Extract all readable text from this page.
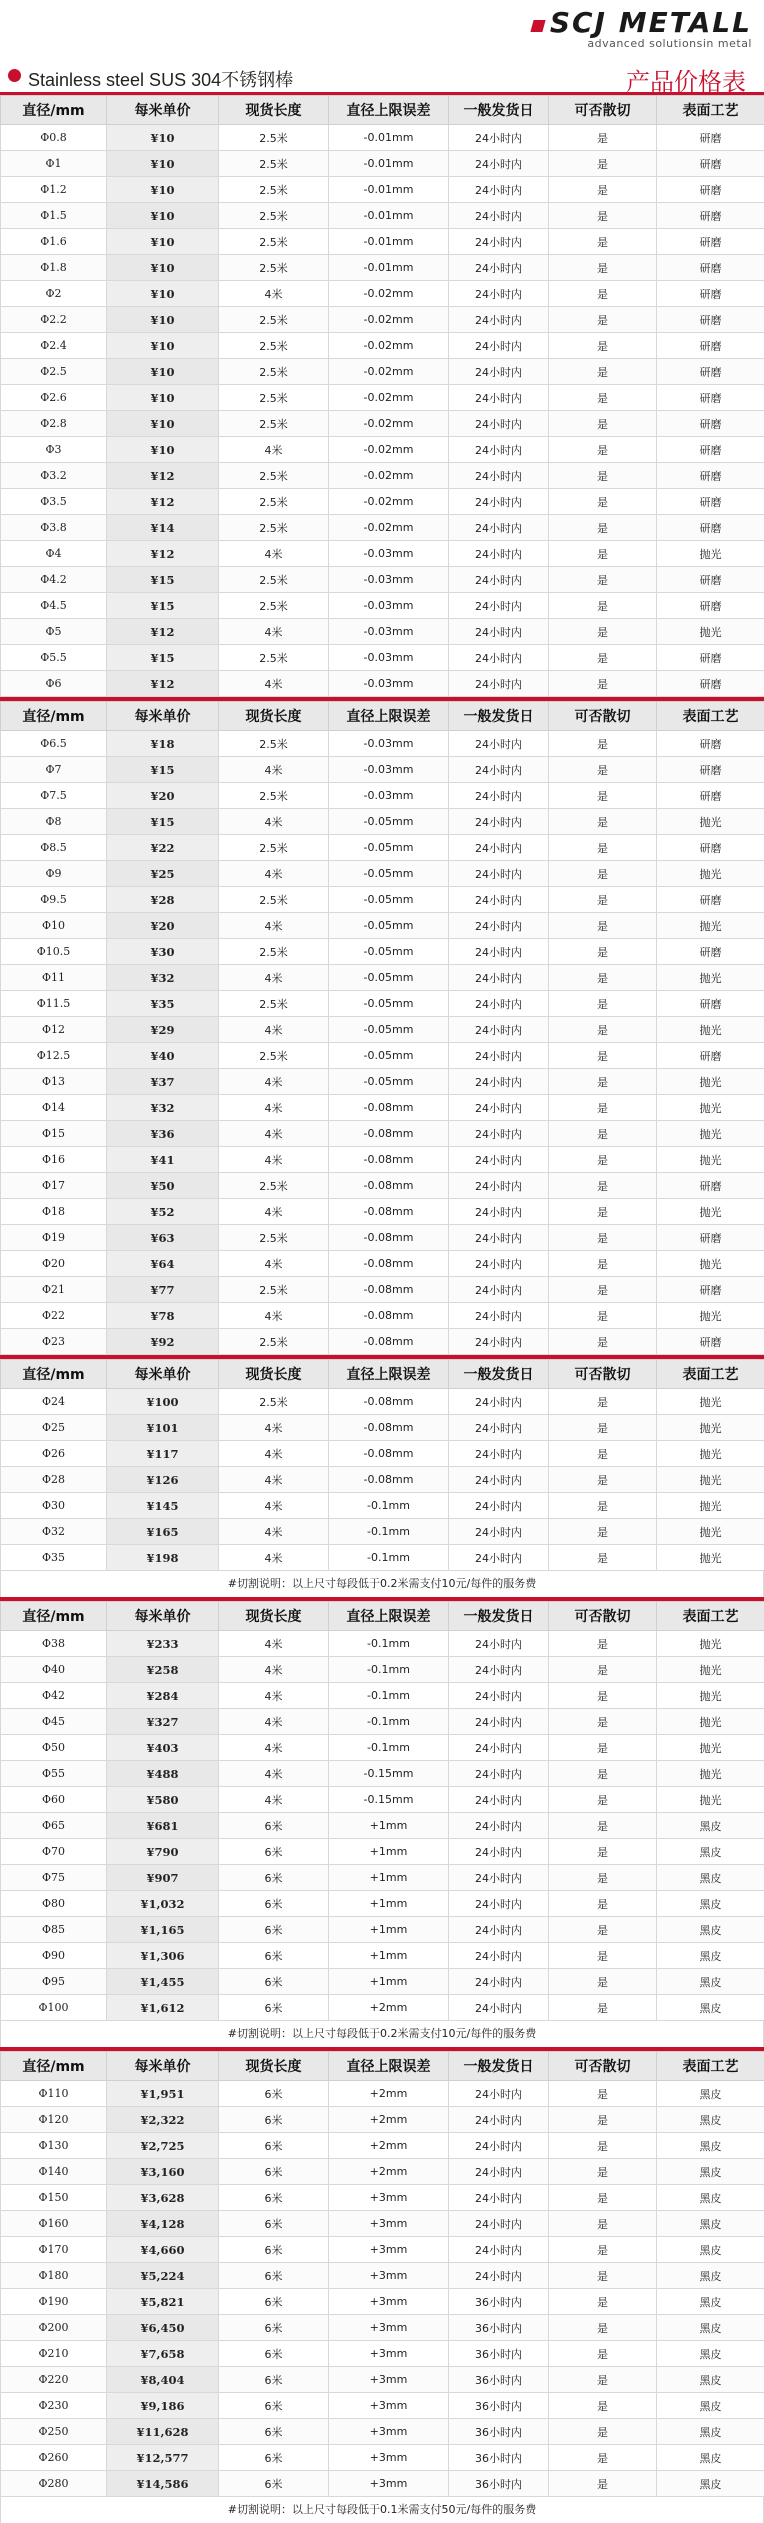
SCJ METALL
advanced solutionsin metal
Stainless steel SUS 304不锈钢棒	产品价格表
直径/mm	每米单价	现货长度	直径上限误差	一般发货日	可否散切	表面工艺
Φ0.8	¥10	2.5米	-0.01mm	24小时内	是	研磨
Φ1	¥10	2.5米	-0.01mm	24小时内	是	研磨
Φ1.2	¥10	2.5米	-0.01mm	24小时内	是	研磨
Φ1.5	¥10	2.5米	-0.01mm	24小时内	是	研磨
Φ1.6	¥10	2.5米	-0.01mm	24小时内	是	研磨
Φ1.8	¥10	2.5米	-0.01mm	24小时内	是	研磨
Φ2	¥10	4米	-0.02mm	24小时内	是	研磨
Φ2.2	¥10	2.5米	-0.02mm	24小时内	是	研磨
Φ2.4	¥10	2.5米	-0.02mm	24小时内	是	研磨
Φ2.5	¥10	2.5米	-0.02mm	24小时内	是	研磨
Φ2.6	¥10	2.5米	-0.02mm	24小时内	是	研磨
Φ2.8	¥10	2.5米	-0.02mm	24小时内	是	研磨
Φ3	¥10	4米	-0.02mm	24小时内	是	研磨
Φ3.2	¥12	2.5米	-0.02mm	24小时内	是	研磨
Φ3.5	¥12	2.5米	-0.02mm	24小时内	是	研磨
Φ3.8	¥14	2.5米	-0.02mm	24小时内	是	研磨
Φ4	¥12	4米	-0.03mm	24小时内	是	抛光
Φ4.2	¥15	2.5米	-0.03mm	24小时内	是	研磨
Φ4.5	¥15	2.5米	-0.03mm	24小时内	是	研磨
Φ5	¥12	4米	-0.03mm	24小时内	是	抛光
Φ5.5	¥15	2.5米	-0.03mm	24小时内	是	研磨
Φ6	¥12	4米	-0.03mm	24小时内	是	研磨
直径/mm	每米单价	现货长度	直径上限误差	一般发货日	可否散切	表面工艺
Φ6.5	¥18	2.5米	-0.03mm	24小时内	是	研磨
Φ7	¥15	4米	-0.03mm	24小时内	是	研磨
Φ7.5	¥20	2.5米	-0.03mm	24小时内	是	研磨
Φ8	¥15	4米	-0.05mm	24小时内	是	抛光
Φ8.5	¥22	2.5米	-0.05mm	24小时内	是	研磨
Φ9	¥25	4米	-0.05mm	24小时内	是	抛光
Φ9.5	¥28	2.5米	-0.05mm	24小时内	是	研磨
Φ10	¥20	4米	-0.05mm	24小时内	是	抛光
Φ10.5	¥30	2.5米	-0.05mm	24小时内	是	研磨
Φ11	¥32	4米	-0.05mm	24小时内	是	抛光
Φ11.5	¥35	2.5米	-0.05mm	24小时内	是	研磨
Φ12	¥29	4米	-0.05mm	24小时内	是	抛光
Φ12.5	¥40	2.5米	-0.05mm	24小时内	是	研磨
Φ13	¥37	4米	-0.05mm	24小时内	是	抛光
Φ14	¥32	4米	-0.08mm	24小时内	是	抛光
Φ15	¥36	4米	-0.08mm	24小时内	是	抛光
Φ16	¥41	4米	-0.08mm	24小时内	是	抛光
Φ17	¥50	2.5米	-0.08mm	24小时内	是	研磨
Φ18	¥52	4米	-0.08mm	24小时内	是	抛光
Φ19	¥63	2.5米	-0.08mm	24小时内	是	研磨
Φ20	¥64	4米	-0.08mm	24小时内	是	抛光
Φ21	¥77	2.5米	-0.08mm	24小时内	是	研磨
Φ22	¥78	4米	-0.08mm	24小时内	是	抛光
Φ23	¥92	2.5米	-0.08mm	24小时内	是	研磨
直径/mm	每米单价	现货长度	直径上限误差	一般发货日	可否散切	表面工艺
Φ24	¥100	2.5米	-0.08mm	24小时内	是	抛光
Φ25	¥101	4米	-0.08mm	24小时内	是	抛光
Φ26	¥117	4米	-0.08mm	24小时内	是	抛光
Φ28	¥126	4米	-0.08mm	24小时内	是	抛光
Φ30	¥145	4米	-0.1mm	24小时内	是	抛光
Φ32	¥165	4米	-0.1mm	24小时内	是	抛光
Φ35	¥198	4米	-0.1mm	24小时内	是	抛光
#切割说明：以上尺寸每段低于0.2米需支付10元/每件的服务费
直径/mm	每米单价	现货长度	直径上限误差	一般发货日	可否散切	表面工艺
Φ38	¥233	4米	-0.1mm	24小时内	是	抛光
Φ40	¥258	4米	-0.1mm	24小时内	是	抛光
Φ42	¥284	4米	-0.1mm	24小时内	是	抛光
Φ45	¥327	4米	-0.1mm	24小时内	是	抛光
Φ50	¥403	4米	-0.1mm	24小时内	是	抛光
Φ55	¥488	4米	-0.15mm	24小时内	是	抛光
Φ60	¥580	4米	-0.15mm	24小时内	是	抛光
Φ65	¥681	6米	+1mm	24小时内	是	黑皮
Φ70	¥790	6米	+1mm	24小时内	是	黑皮
Φ75	¥907	6米	+1mm	24小时内	是	黑皮
Φ80	¥1,032	6米	+1mm	24小时内	是	黑皮
Φ85	¥1,165	6米	+1mm	24小时内	是	黑皮
Φ90	¥1,306	6米	+1mm	24小时内	是	黑皮
Φ95	¥1,455	6米	+1mm	24小时内	是	黑皮
Φ100	¥1,612	6米	+2mm	24小时内	是	黑皮
#切割说明：以上尺寸每段低于0.2米需支付10元/每件的服务费
直径/mm	每米单价	现货长度	直径上限误差	一般发货日	可否散切	表面工艺
Φ110	¥1,951	6米	+2mm	24小时内	是	黑皮
Φ120	¥2,322	6米	+2mm	24小时内	是	黑皮
Φ130	¥2,725	6米	+2mm	24小时内	是	黑皮
Φ140	¥3,160	6米	+2mm	24小时内	是	黑皮
Φ150	¥3,628	6米	+3mm	24小时内	是	黑皮
Φ160	¥4,128	6米	+3mm	24小时内	是	黑皮
Φ170	¥4,660	6米	+3mm	24小时内	是	黑皮
Φ180	¥5,224	6米	+3mm	24小时内	是	黑皮
Φ190	¥5,821	6米	+3mm	36小时内	是	黑皮
Φ200	¥6,450	6米	+3mm	36小时内	是	黑皮
Φ210	¥7,658	6米	+3mm	36小时内	是	黑皮
Φ220	¥8,404	6米	+3mm	36小时内	是	黑皮
Φ230	¥9,186	6米	+3mm	36小时内	是	黑皮
Φ250	¥11,628	6米	+3mm	36小时内	是	黑皮
Φ260	¥12,577	6米	+3mm	36小时内	是	黑皮
Φ280	¥14,586	6米	+3mm	36小时内	是	黑皮
#切割说明：以上尺寸每段低于0.1米需支付50元/每件的服务费
